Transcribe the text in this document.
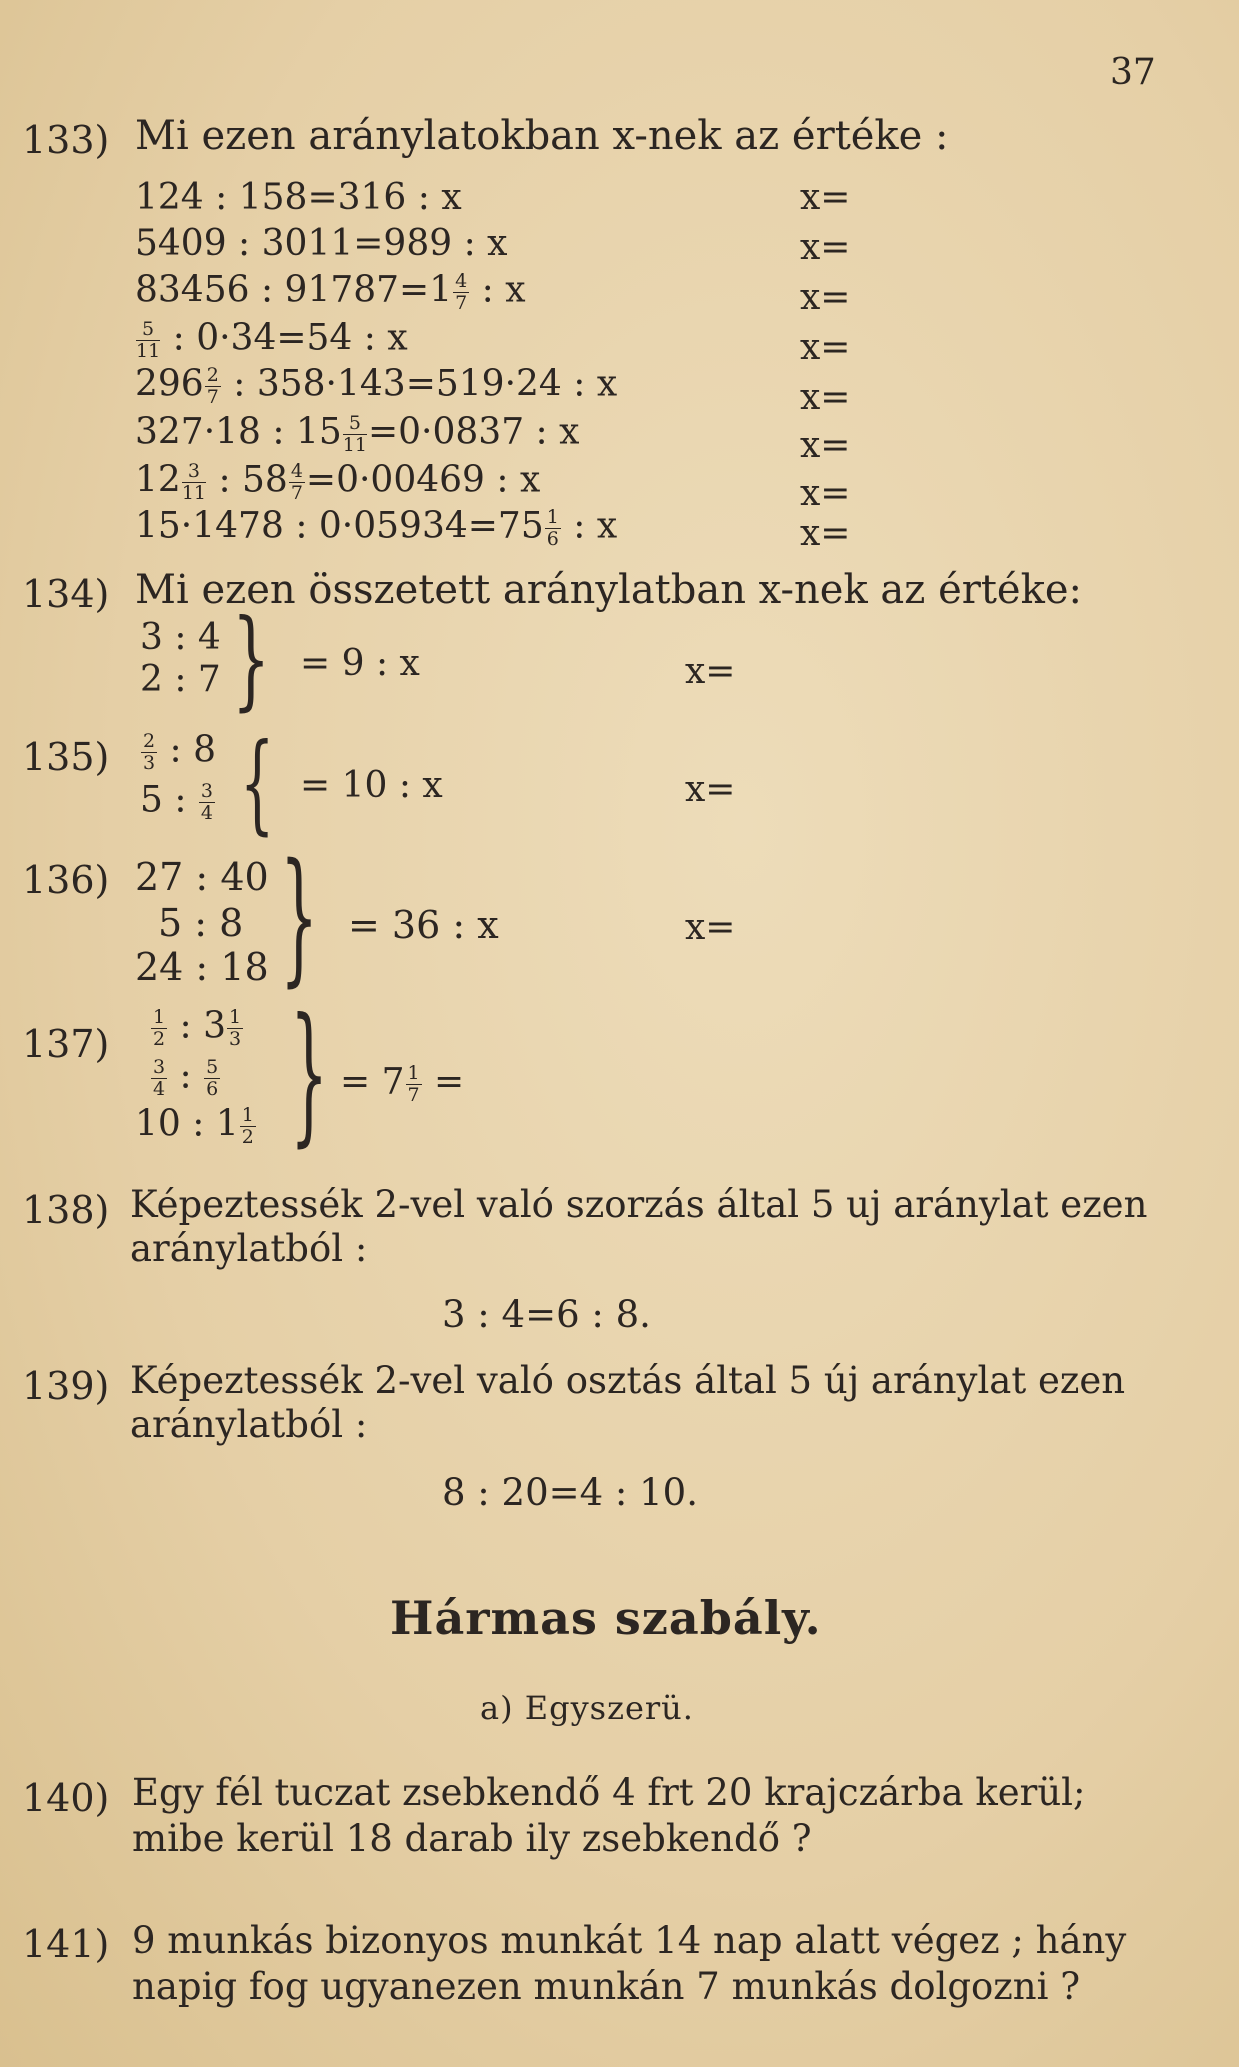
37
133) Mi ezen aránylatokban x-nek az értéke :
124 : 158=316 : x	x=
5409 : 3011=989 : x	x=
83456 : $91787=1 \frac{4}{7}$ : x	x=
$\frac{5}{11}$ : 0·34=54 : x	x=
$296 \frac{2}{7}$ : 358·143=519·24 : x	x=
327·18 : $15 \frac{5}{11} =0\cdot 0837$ : x	x=
$12 \frac{3}{11}$ : $58 \frac{4}{7} =0\cdot 00469$ : x	x=
15·1478 : $0\cdot 05934=75 \frac{1}{6}$ : x	x=
134) Mi ezen összetett aránylatban x-nek az értéke:
3 : 4
2 : 7 } = 9 : x	x=
$135) \frac{2}{3}$ : 8
5 : $\frac{3}{4}$ { = 10 : x	x=
136) 27 : 40
5 : 8
24 : 18 } = 36 : x	x=
$137) \frac{1}{2}$ : $3 \frac{1}{3}$
$\frac{3}{4}$ : $\frac{5}{6}$
10 : $1 \frac{1}{2}$ } = $7 \frac{1}{7}$ =
138) Képeztessék 2-vel való szorzás által 5 uj aránylat ezen
aránylatból :
3 : 4=6 : 8.
139) Képeztessék 2-vel való osztás által 5 új aránylat ezen
aránylatból :
8 : 20=4 : 10.
Hármas szabály.
a) Egyszerü.
140) Egy fél tuczat zsebkendő 4 frt 20 krajczárba kerül;
mibe kerül 18 darab ily zsebkendő ?
141) 9 munkás bizonyos munkát 14 nap alatt végez ; hány
napig fog ugyanezen munkán 7 munkás dolgozni ?
